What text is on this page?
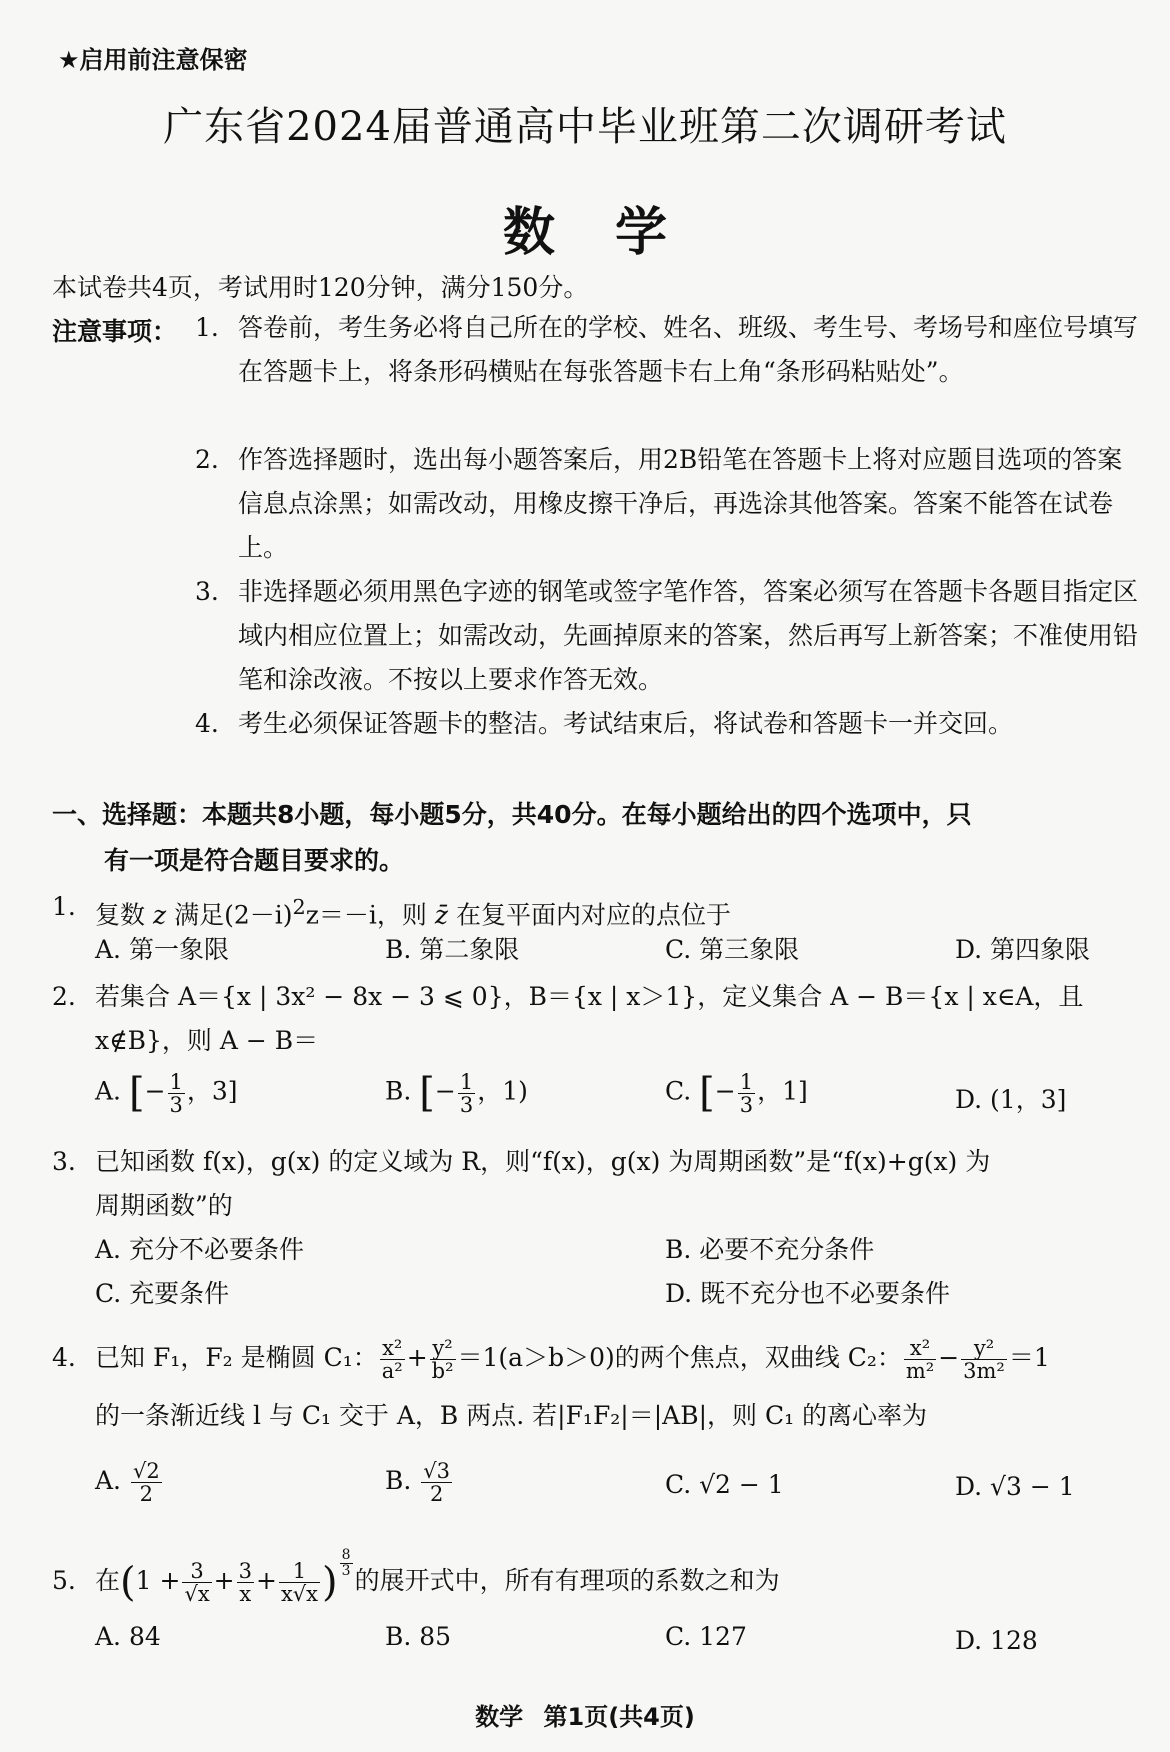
★启用前注意保密
广东省2024届普通高中毕业班第二次调研考试
数学
本试卷共4页，考试用时120分钟，满分150分。
注意事项： 1. 答卷前，考生务必将自己所在的学校、姓名、班级、考生号、考场号和座位号填写在答题卡上，将条形码横贴在每张答题卡右上角“条形码粘贴处”。
2. 作答选择题时，选出每小题答案后，用2B铅笔在答题卡上将对应题目选项的答案信息点涂黑；如需改动，用橡皮擦干净后，再选涂其他答案。答案不能答在试卷上。
3. 非选择题必须用黑色字迹的钢笔或签字笔作答，答案必须写在答题卡各题目指定区域内相应位置上；如需改动，先画掉原来的答案，然后再写上新答案；不准使用铅笔和涂改液。不按以上要求作答无效。
4. 考生必须保证答题卡的整洁。考试结束后，将试卷和答题卡一并交回。
一、选择题：本题共8小题，每小题5分，共40分。在每小题给出的四个选项中，只
有一项是符合题目要求的。
1. 复数 z 满足$(2-i)^2z=-i$，则 z̄ 在复平面内对应的点位于
A. 第一象限	B. 第二象限	C. 第三象限	D. 第四象限
2. 若集合 A＝{x | 3x² − 8x − 3 ⩽ 0}，B＝{x | x＞1}，定义集合 A − B＝{x | x∈A，且
x∉B}，则 A − B＝
A. [− $\frac{1}{3}$ ，3]	B. [− $\frac{1}{3}$ ，1)	C. [− $\frac{1}{3}$ ，1]	D. (1，3]
3. 已知函数 f(x)，g(x) 的定义域为 R，则“f(x)，g(x) 为周期函数”是“f(x)+g(x) 为
周期函数”的
A. 充分不必要条件	B. 必要不充分条件
C. 充要条件	D. 既不充分也不必要条件
4. 已知 F₁，F₂ 是椭圆 C₁： $\frac{\text{x²}}{\text{a²}} + \frac{\text{y²}}{\text{b²}} =1(a>b>0)$的两个焦点，双曲线 C₂： $\frac{\text{x²}}{\text{m²}} - \frac{\text{y²}}{\text{3m²}} =1$
的一条渐近线 l 与 C₁ 交于 A，B 两点. 若|F₁F₂|＝|AB|，则 C₁ 的离心率为
A. $\frac{√2}{2}$	B. $\frac{√3}{2}$	C. √2 − 1	D. √3 − 1
5. 在($1 + \frac{3}{√x} + \frac{3}{x} + \frac{1}{x√x}$ ) $\frac{8}{3}$
的展开式中，所有有理项的系数之和为
A. 84	B. 85	C. 127	D. 128
数学 第1页(共4页)
